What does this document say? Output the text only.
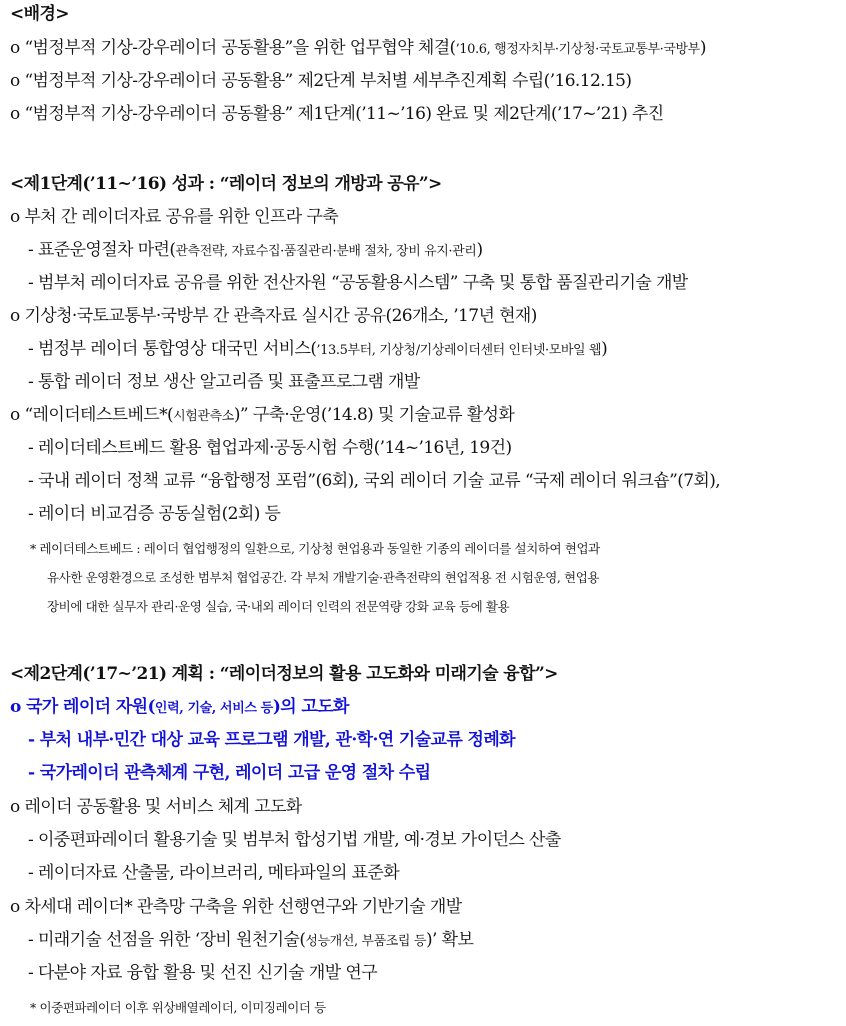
<배경>
o “범정부적 기상-강우레이더 공동활용”을 위한 업무협약 체결(’10.6, 행정자치부·기상청·국토교통부·국방부)
o “범정부적 기상-강우레이더 공동활용” 제2단계 부처별 세부추진계획 수립(’16.12.15)
o “범정부적 기상-강우레이더 공동활용” 제1단계(’11~’16) 완료 및 제2단계(’17~’21) 추진
<제1단계(’11~’16) 성과 : “레이더 정보의 개방과 공유”>
o 부처 간 레이더자료 공유를 위한 인프라 구축
- 표준운영절차 마련(관측전략, 자료수집·품질관리·분배 절차, 장비 유지·관리)
- 범부처 레이더자료 공유를 위한 전산자원 “공동활용시스템” 구축 및 통합 품질관리기술 개발
o 기상청·국토교통부·국방부 간 관측자료 실시간 공유(26개소, ’17년 현재)
- 범정부 레이더 통합영상 대국민 서비스(’13.5부터, 기상청/기상레이더센터 인터넷·모바일 웹)
- 통합 레이더 정보 생산 알고리즘 및 표출프로그램 개발
o “레이더테스트베드*(시험관측소)” 구축·운영(’14.8) 및 기술교류 활성화
- 레이더테스트베드 활용 협업과제·공동시험 수행(’14~’16년, 19건)
- 국내 레이더 정책 교류 “융합행정 포럼”(6회), 국외 레이더 기술 교류 “국제 레이더 워크숍”(7회),
- 레이더 비교검증 공동실험(2회) 등
* 레이더테스트베드 : 레이더 협업행정의 일환으로, 기상청 현업용과 동일한 기종의 레이더를 설치하여 현업과
유사한 운영환경으로 조성한 범부처 협업공간. 각 부처 개발기술·관측전략의 현업적용 전 시험운영, 현업용
장비에 대한 실무자 관리·운영 실습, 국·내외 레이더 인력의 전문역량 강화 교육 등에 활용
<제2단계(’17~’21) 계획 : “레이더정보의 활용 고도화와 미래기술 융합”>
o 국가 레이더 자원(인력, 기술, 서비스 등)의 고도화
- 부처 내부·민간 대상 교육 프로그램 개발, 관·학·연 기술교류 정례화
- 국가레이더 관측체계 구현, 레이더 고급 운영 절차 수립
o 레이더 공동활용 및 서비스 체계 고도화
- 이중편파레이더 활용기술 및 범부처 합성기법 개발, 예·경보 가이던스 산출
- 레이더자료 산출물, 라이브러리, 메타파일의 표준화
o 차세대 레이더* 관측망 구축을 위한 선행연구와 기반기술 개발
- 미래기술 선점을 위한 ‘장비 원천기술(성능개선, 부품조립 등)’ 확보
- 다분야 자료 융합 활용 및 선진 신기술 개발 연구
* 이중편파레이더 이후 위상배열레이더, 이미징레이더 등
